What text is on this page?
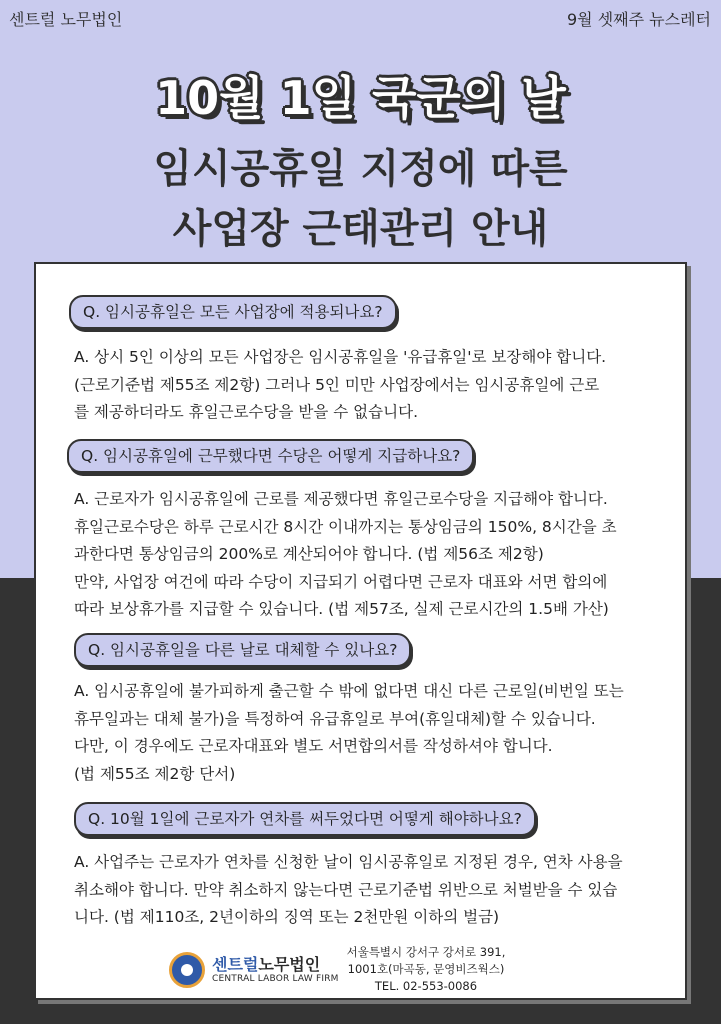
센트럴 노무법인	9월 셋째주 뉴스레터
10월 1일 국군의 날
임시공휴일 지정에 따른
사업장 근태관리 안내
Q. 임시공휴일은 모든 사업장에 적용되나요?
A. 상시 5인 이상의 모든 사업장은 임시공휴일을 '유급휴일'로 보장해야 합니다.
(근로기준법 제55조 제2항) 그러나 5인 미만 사업장에서는 임시공휴일에 근로
를 제공하더라도 휴일근로수당을 받을 수 없습니다.
Q. 임시공휴일에 근무했다면 수당은 어떻게 지급하나요?
A. 근로자가 임시공휴일에 근로를 제공했다면 휴일근로수당을 지급해야 합니다.
휴일근로수당은 하루 근로시간 8시간 이내까지는 통상임금의 150%, 8시간을 초
과한다면 통상임금의 200%로 계산되어야 합니다. (법 제56조 제2항)
만약, 사업장 여건에 따라 수당이 지급되기 어렵다면 근로자 대표와 서면 합의에
따라 보상휴가를 지급할 수 있습니다. (법 제57조, 실제 근로시간의 1.5배 가산)
Q. 임시공휴일을 다른 날로 대체할 수 있나요?
A. 임시공휴일에 불가피하게 출근할 수 밖에 없다면 대신 다른 근로일(비번일 또는
휴무일과는 대체 불가)을 특정하여 유급휴일로 부여(휴일대체)할 수 있습니다.
다만, 이 경우에도 근로자대표와 별도 서면합의서를 작성하셔야 합니다.
(법 제55조 제2항 단서)
Q. 10월 1일에 근로자가 연차를 써두었다면 어떻게 해야하나요?
A. 사업주는 근로자가 연차를 신청한 날이 임시공휴일로 지정된 경우, 연차 사용을
취소해야 합니다. 만약 취소하지 않는다면 근로기준법 위반으로 처벌받을 수 있습
니다. (법 제110조, 2년이하의 징역 또는 2천만원 이하의 벌금)
센트럴노무법인
CENTRAL LABOR LAW FIRM
서울특별시 강서구 강서로 391,
1001호(마곡동, 문영비즈웍스)
TEL. 02-553-0086
